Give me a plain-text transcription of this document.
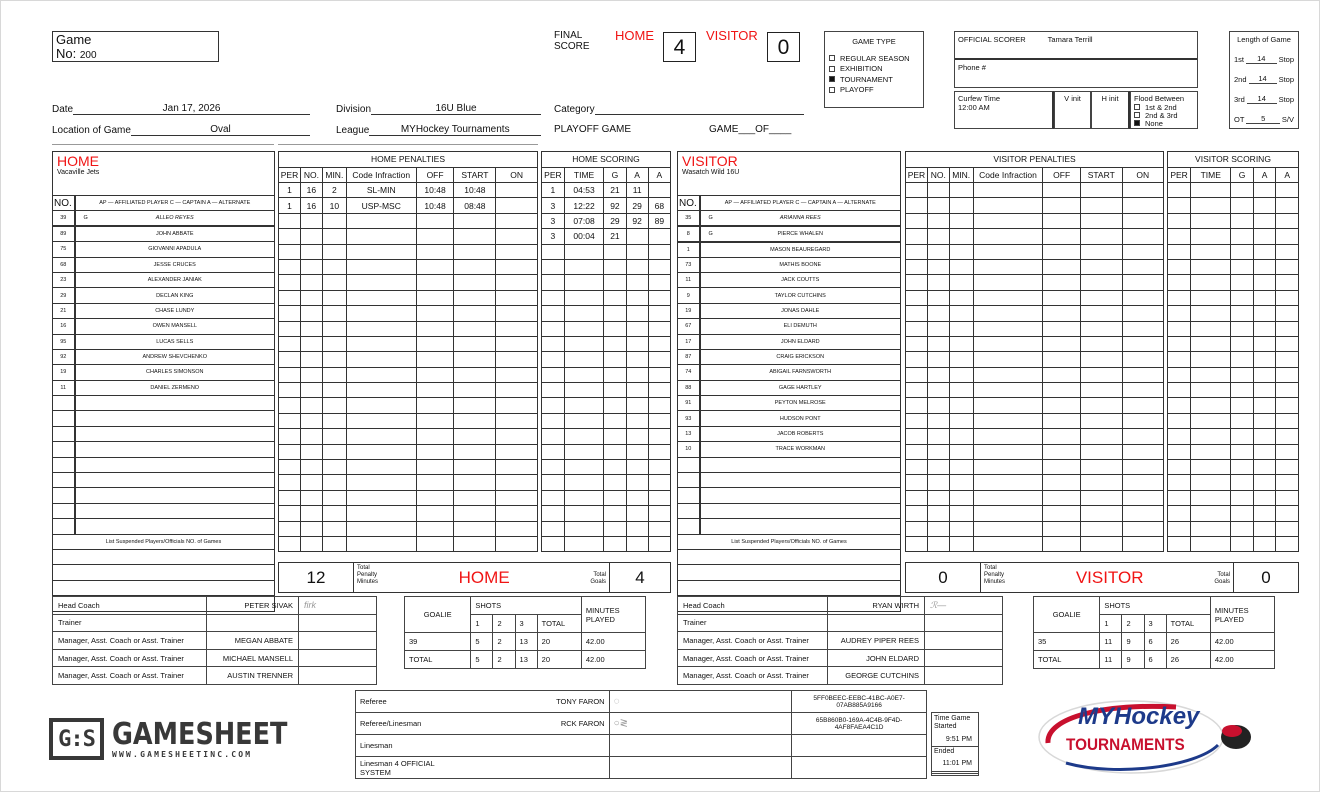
Game
No: 200
Date	Jan 17, 2026
Location of Game	Oval
Division	16U Blue
League	MYHockey Tournaments
Category
PLAYOFF GAME	GAME___OF____
FINAL
SCORE
HOME
4
VISITOR
0	GAME TYPE
REGULAR SEASON
EXHIBITION
TOURNAMENT
PLAYOFF
OFFICIAL SCORER	Tamara Terrill
Phone #
Curfew Time
12:00 AM
V init	H init	Flood Between
1st & 2nd
2nd & 3rd
None
Length of Game
1st	14	Stop
2nd	14	Stop
3rd	14	Stop
OT	5	S/V
HOME
Vacaville Jets
NO.	AP — AFFILIATED PLAYER C — CAPTAIN A — ALTERNATE
39	G ALLEO REYES
89	JOHN ABBATE
75	GIOVANNI APADULA
68	JESSE CRUCES
23	ALEXANDER JANIAK
29	DECLAN KING
21	CHASE LUNDY
16	OWEN MANSELL
95	LUCAS SELLS
92	ANDREW SHEVCHENKO
19	CHARLES SIMONSON
11	DANIEL ZERMENO

List Suspended Players/Officials NO. of Games	

HOME PENALTIES						
PER	NO.	MIN.	Code Infraction	OFF	START	ON
1	16	2	SL-MIN	10:48	10:48	
1	16	10	USP-MSC	10:48	08:48	

HOME SCORING				
PER	TIME	G	A	A
1	04:53	21	11	
3	12:22	92	29	68
3	07:08	29	92	89
3	00:04	21		

12	Total
Penalty
Minutes	HOME	Total
Goals	4
VISITOR
Wasatch Wild 16U
NO.	AP — AFFILIATED PLAYER C — CAPTAIN A — ALTERNATE
35	G ARIANNA REES
8	G PIERCE WHALEN
1	MASON BEAUREGARD
73	MATHIS BOONE
11	JACK COUTTS
9	TAYLOR CUTCHINS
19	JONAS DAHLE
67	ELI DEMUTH
17	JOHN ELDARD
87	CRAIG ERICKSON
74	ABIGAIL FARNSWORTH
88	GAGE HARTLEY
91	PEYTON MELROSE
93	HUDSON PONT
13	JACOB ROBERTS
10	TRACE WORKMAN

List Suspended Players/Officials NO. of Games	

VISITOR PENALTIES						
PER	NO.	MIN.	Code Infraction	OFF	START	ON

VISITOR SCORING				
PER	TIME	G	A	A

0	Total
Penalty
Minutes	VISITOR	Total
Goals	0
Head Coach	PETER SIVAK	ﬁrk
Trainer		
Manager, Asst. Coach or Asst. Trainer	MEGAN ABBATE	
Manager, Asst. Coach or Asst. Trainer	MICHAEL MANSELL	
Manager, Asst. Coach or Asst. Trainer	AUSTIN TRENNER	
GOALIE	SHOTS				MINUTES PLAYED
	1	2	3	TOTAL	
39	5	2	13	20	42.00
TOTAL	5	2	13	20	42.00
Head Coach	RYAN WIRTH	ℛ—
Trainer		
Manager, Asst. Coach or Asst. Trainer	AUDREY PIPER REES	
Manager, Asst. Coach or Asst. Trainer	JOHN ELDARD	
Manager, Asst. Coach or Asst. Trainer	GEORGE CUTCHINS	
GOALIE	SHOTS				MINUTES PLAYED
	1	2	3	TOTAL	
35	11	9	6	26	42.00
TOTAL	11	9	6	26	42.00
Referee	TONY FARON	◌	5FF0BEEC-EEBC-41BC-A0E7-07AB885A9166
Referee/Linesman	RCK FARON	○≷	65B860B0-169A-4C4B-9F4D-4AF8FAEA4C1D
Linesman			
Linesman 4 OFFICIAL SYSTEM			
Time Game Started
9:51 PM
Ended
11:01 PM
G:S GAMESHEET
WWW.GAMESHEETINC.COM
MYHockey
TOURNAMENTS
